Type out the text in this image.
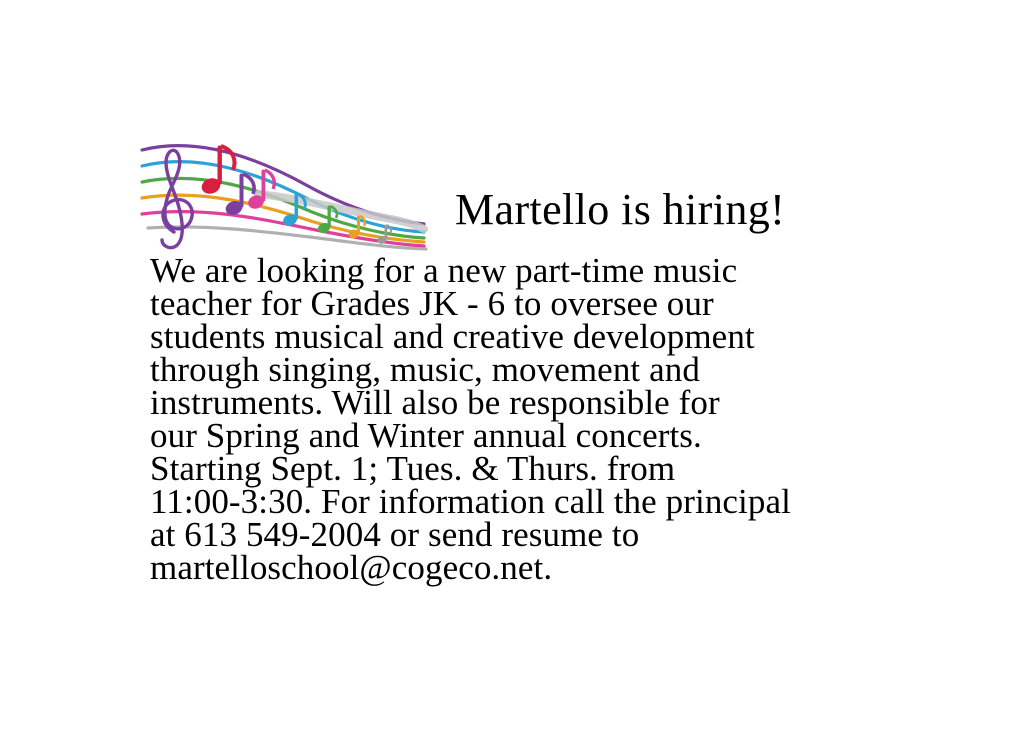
Martello is hiring!
We are looking for a new part-time music
teacher for Grades JK - 6 to oversee our
students musical and creative development
through singing, music, movement and
instruments. Will also be responsible for
our Spring and Winter annual concerts.
Starting Sept. 1; Tues. & Thurs. from
11:00-3:30. For information call the principal
at 613 549-2004 or send resume to
martelloschool@cogeco.net.
